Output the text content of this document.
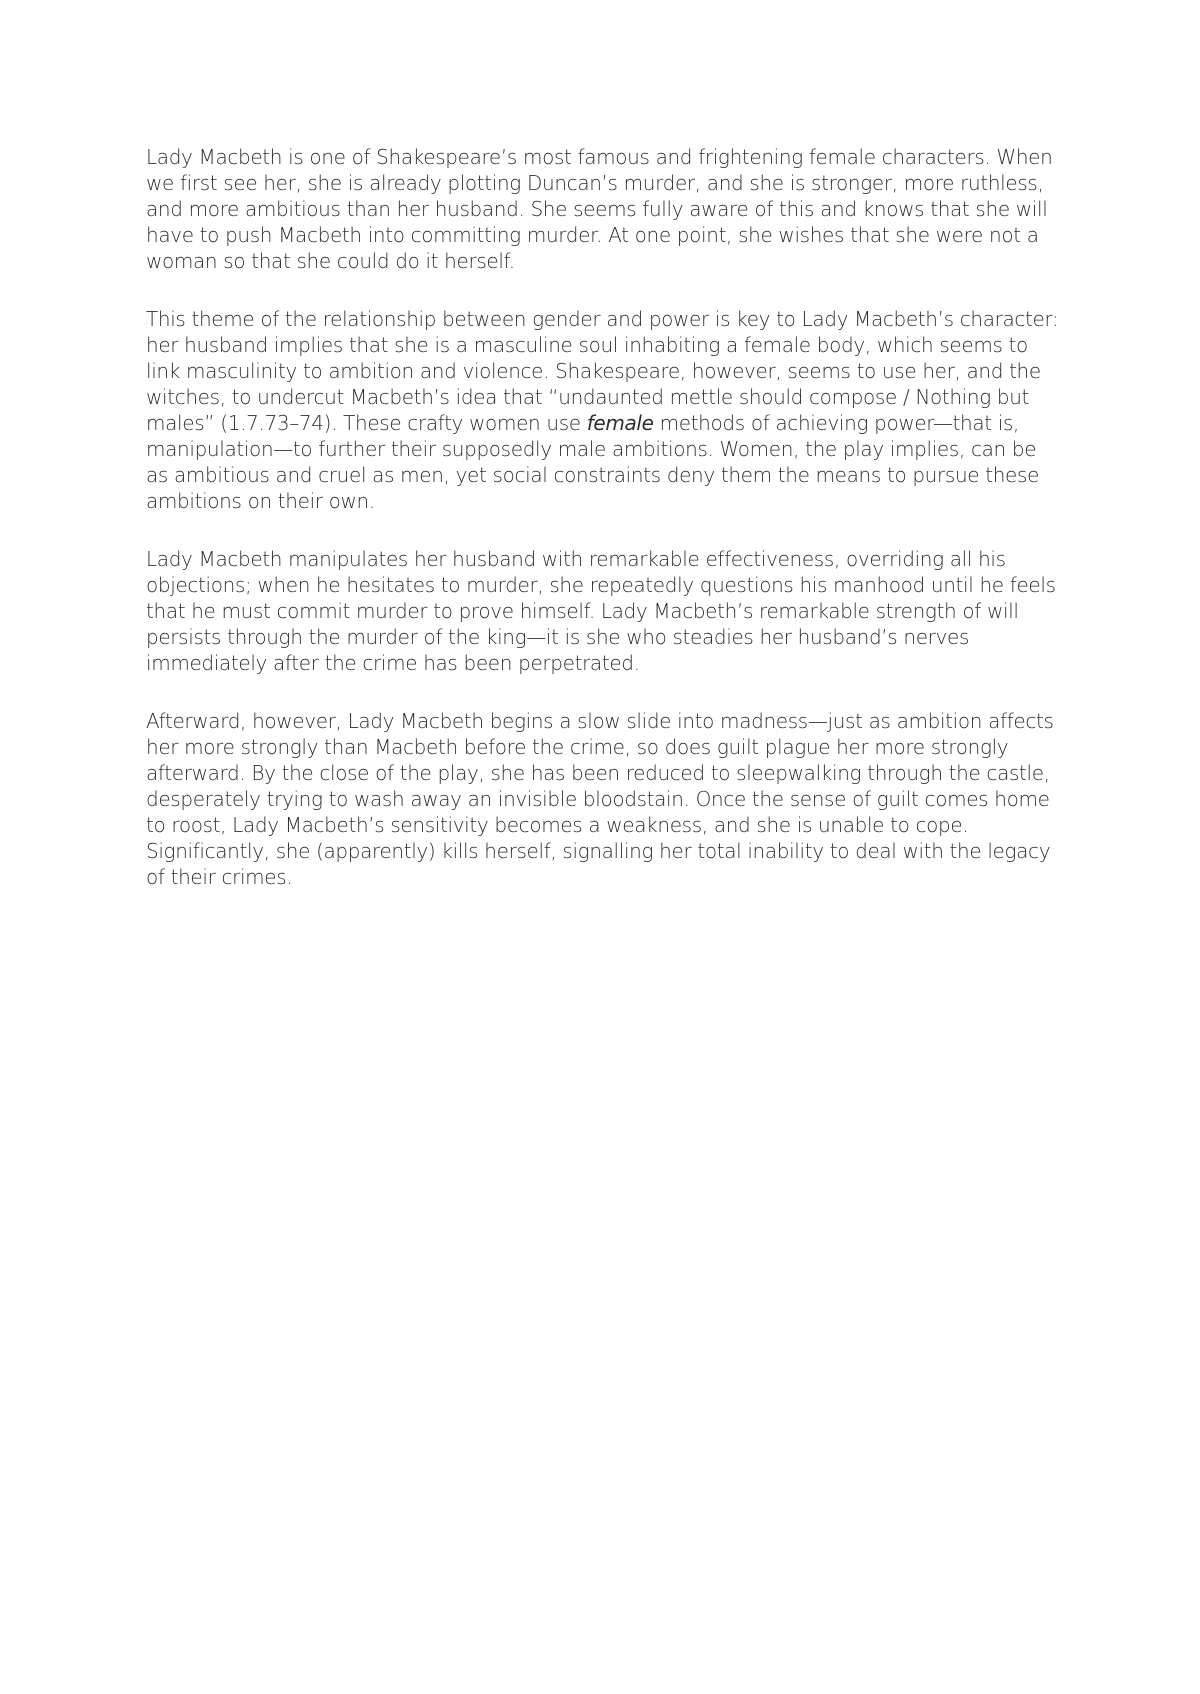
Lady Macbeth is one of Shakespeare’s most famous and frightening female characters. When we first see her, she is already plotting Duncan’s murder, and she is stronger, more ruthless, and more ambitious than her husband. She seems fully aware of this and knows that she will have to push Macbeth into committing murder. At one point, she wishes that she were not a woman so that she could do it herself.

This theme of the relationship between gender and power is key to Lady Macbeth’s character: her husband implies that she is a masculine soul inhabiting a female body, which seems to link masculinity to ambition and violence. Shakespeare, however, seems to use her, and the witches, to undercut Macbeth’s idea that “undaunted mettle should compose / Nothing but males” (1.7.73–74). These crafty women use female methods of achieving power—that is, manipulation—to further their supposedly male ambitions. Women, the play implies, can be as ambitious and cruel as men, yet social constraints deny them the means to pursue these ambitions on their own.

Lady Macbeth manipulates her husband with remarkable effectiveness, overriding all his objections; when he hesitates to murder, she repeatedly questions his manhood until he feels that he must commit murder to prove himself. Lady Macbeth’s remarkable strength of will persists through the murder of the king—it is she who steadies her husband’s nerves immediately after the crime has been perpetrated.

Afterward, however, Lady Macbeth begins a slow slide into madness—just as ambition affects her more strongly than Macbeth before the crime, so does guilt plague her more strongly afterward. By the close of the play, she has been reduced to sleepwalking through the castle, desperately trying to wash away an invisible bloodstain. Once the sense of guilt comes home to roost, Lady Macbeth’s sensitivity becomes a weakness, and she is unable to cope. Significantly, she (apparently) kills herself, signalling her total inability to deal with the legacy of their crimes.
